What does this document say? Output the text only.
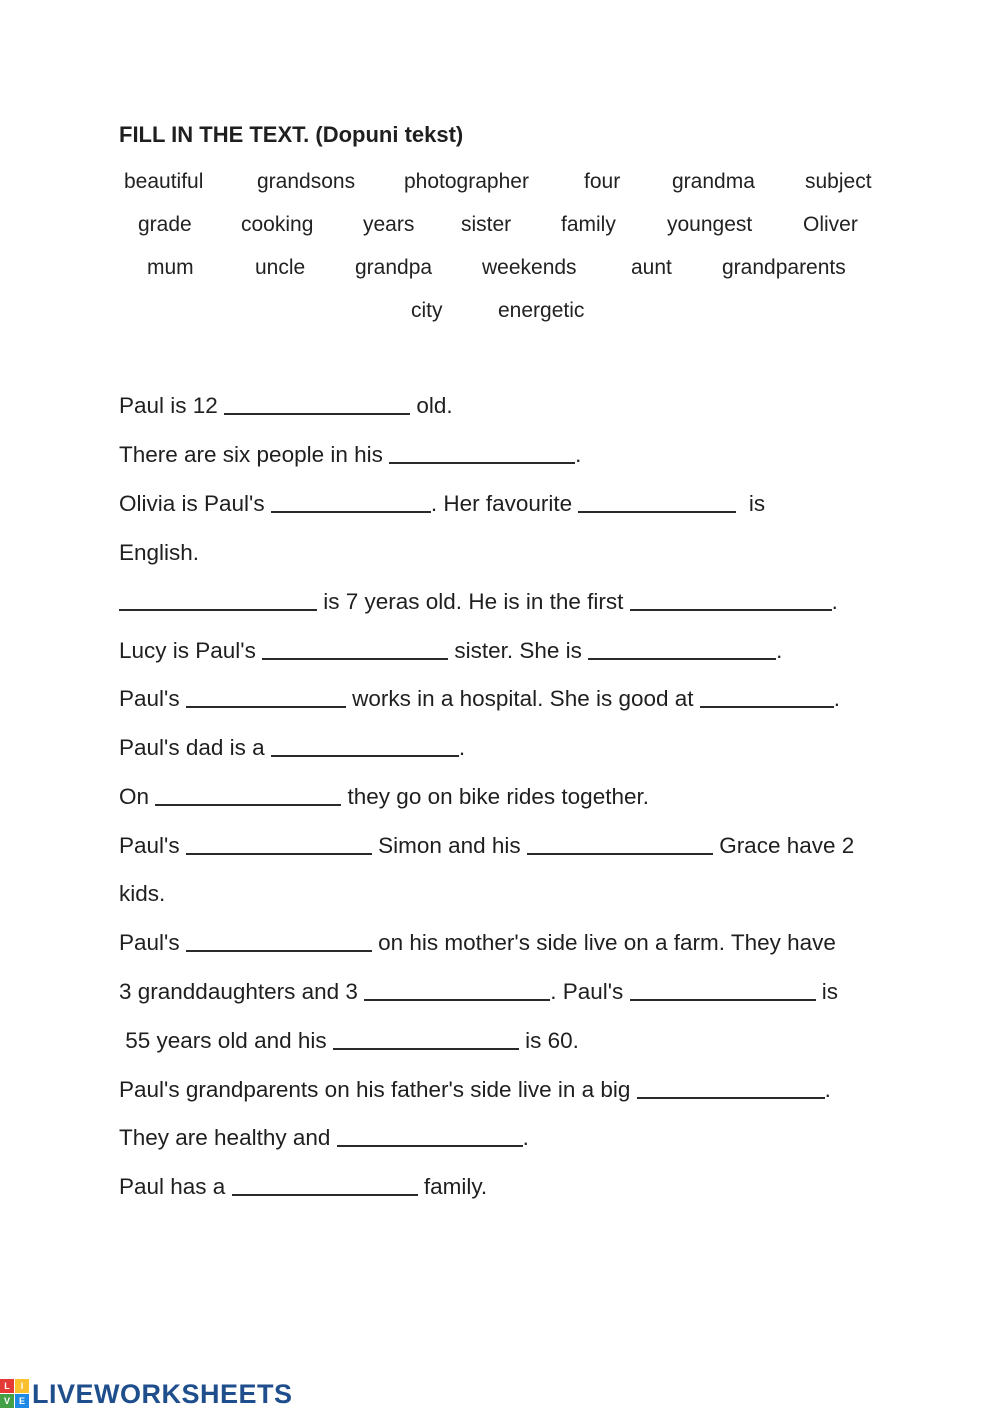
FILL IN THE TEXT. (Dopuni tekst)
beautiful	grandsons photographer	four grandma subject
grade cooking years sister family youngest Oliver
mum	uncle grandpa weekends	aunt grandparents
city	energetic
Paul is 12	old.
There are six people in his	.
Olivia is Paul's	. Her favourite	is
English.
is 7 yeras old. He is in the first	.
Lucy is Paul's	sister. She is	.
Paul's	works in a hospital. She is good at	.
Paul's dad is a	.
On	they go on bike rides together.
Paul's	Simon and his	Grace have 2
kids.
Paul's	on his mother's side live on a farm. They have
3 granddaughters and 3	. Paul's	is
55 years old and his	is 60.
Paul's grandparents on his father's side live in a big	.
They are healthy and	.
Paul has a	family.
L	I
V E LIVEWORKSHEETS
